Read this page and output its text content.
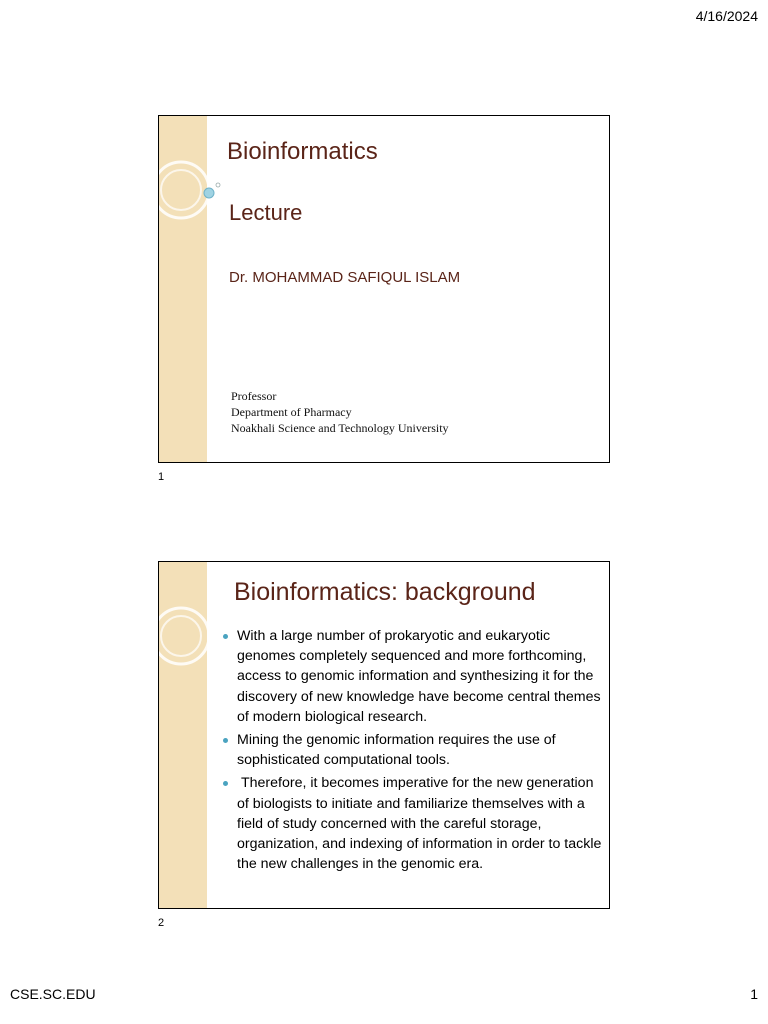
4/16/2024
Bioinformatics
Lecture
Dr. MOHAMMAD SAFIQUL ISLAM
Professor
Department of Pharmacy
Noakhali Science and Technology University
1
Bioinformatics: background
With a large number of prokaryotic and eukaryotic genomes completely sequenced and more forthcoming, access to genomic information and synthesizing it for the discovery of new knowledge have become central themes of modern biological research.
Mining the genomic information requires the use of sophisticated computational tools.
Therefore, it becomes imperative for the new generation of biologists to initiate and familiarize themselves with a field of study concerned with the careful storage, organization, and indexing of information in order to tackle the new challenges in the genomic era.
2
CSE.SC.EDU	1
